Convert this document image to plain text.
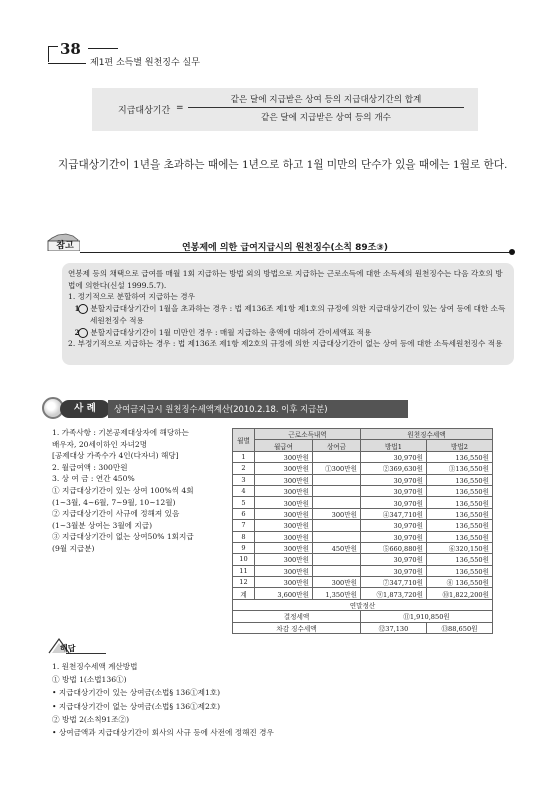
38
제1편 소득별 원천징수 실무
지급대상기간 =
같은 달에 지급받은 상여 등의 지급대상기간의 합계
같은 달에 지급받은 상여 등의 개수
지급대상기간이 1년을 초과하는 때에는 1년으로 하고 1월 미만의 단수가 있을 때에는 1월로 한다.
참고	연봉제에 의한 급여지급시의 원천징수(소칙 89조③)

연봉제 등의 채택으로 급여를 매월 1회 지급하는 방법 외의 방법으로 지급하는 근로소득에 대한 소득세의 원천징수는 다음 각호의 방법에 의한다(신설 1999.5.7).

1. 정기적으로 분할하여 지급하는 경우

1 분할지급대상기간이 1월을 초과하는 경우 : 법 제136조 제1항 제1호의 규정에 의한 지급대상기간이 있는 상여 등에 대한 소득세원천징수 적용

2 분할지급대상기간이 1월 미만인 경우 : 매월 지급하는 총액에 대하여 간이세액표 적용

2. 부정기적으로 지급하는 경우 : 법 제136조 제1항 제2호의 규정에 의한 지급대상기간이 없는 상여 등에 대한 소득세원천징수 적용

사 례	상여금지급시 원천징수세액계산(2010.2.18. 이후 지급분)

1. 가족사항 : 기본공제대상자에 해당하는

배우자, 20세이하인 자녀2명

[공제대상 가족수가 4인(다자녀) 해당]

2. 월급여액 : 300만원

3. 상 여 금 : 연간 450%

① 지급대상기간이 있는 상여 100%씩 4회

(1~3월, 4~6월, 7~9월, 10~12월)

② 지급대상기간이 사규에 정해져 있음

(1~3월분 상여는 3월에 지급)

③ 지급대상기간이 없는 상여50% 1회지급

(9월 지급분)

월별	근로소득내역		원천징수세액	
	월급여	상여금	방법1	방법2
1	300만원		30,970원	136,550원
2	300만원	①300만원	②369,630원	③136,550원
3	300만원		30,970원	136,550원
4	300만원		30,970원	136,550원
5	300만원		30,970원	136,550원
6	300만원	300만원	④347,710원	136,550원
7	300만원		30,970원	136,550원
8	300만원		30,970원	136,550원
9	300만원	450만원	⑤660,880원	⑥320,150원
10	300만원		30,970원	136,550원
11	300만원		30,970원	136,550원
12	300만원	300만원	⑦347,710원	⑧ 136,550원
계	3,600만원	1,350만원	⑨1,873,720원	⑩1,822,200원
연말정산				
결정세액			⑪1,910,850원	
차감 징수세액			⑫37,130	⑬88,650원
해답

1. 원천징수세액 계산방법

① 방법 1(소법136①)

• 지급대상기간이 있는 상여금(소법§ 136①제1호)

• 지급대상기간이 없는 상여금(소법§ 136①제2호)

② 방법 2(소칙91조②)

• 상여금액과 지급대상기간이 회사의 사규 등에 사전에 정해진 경우
